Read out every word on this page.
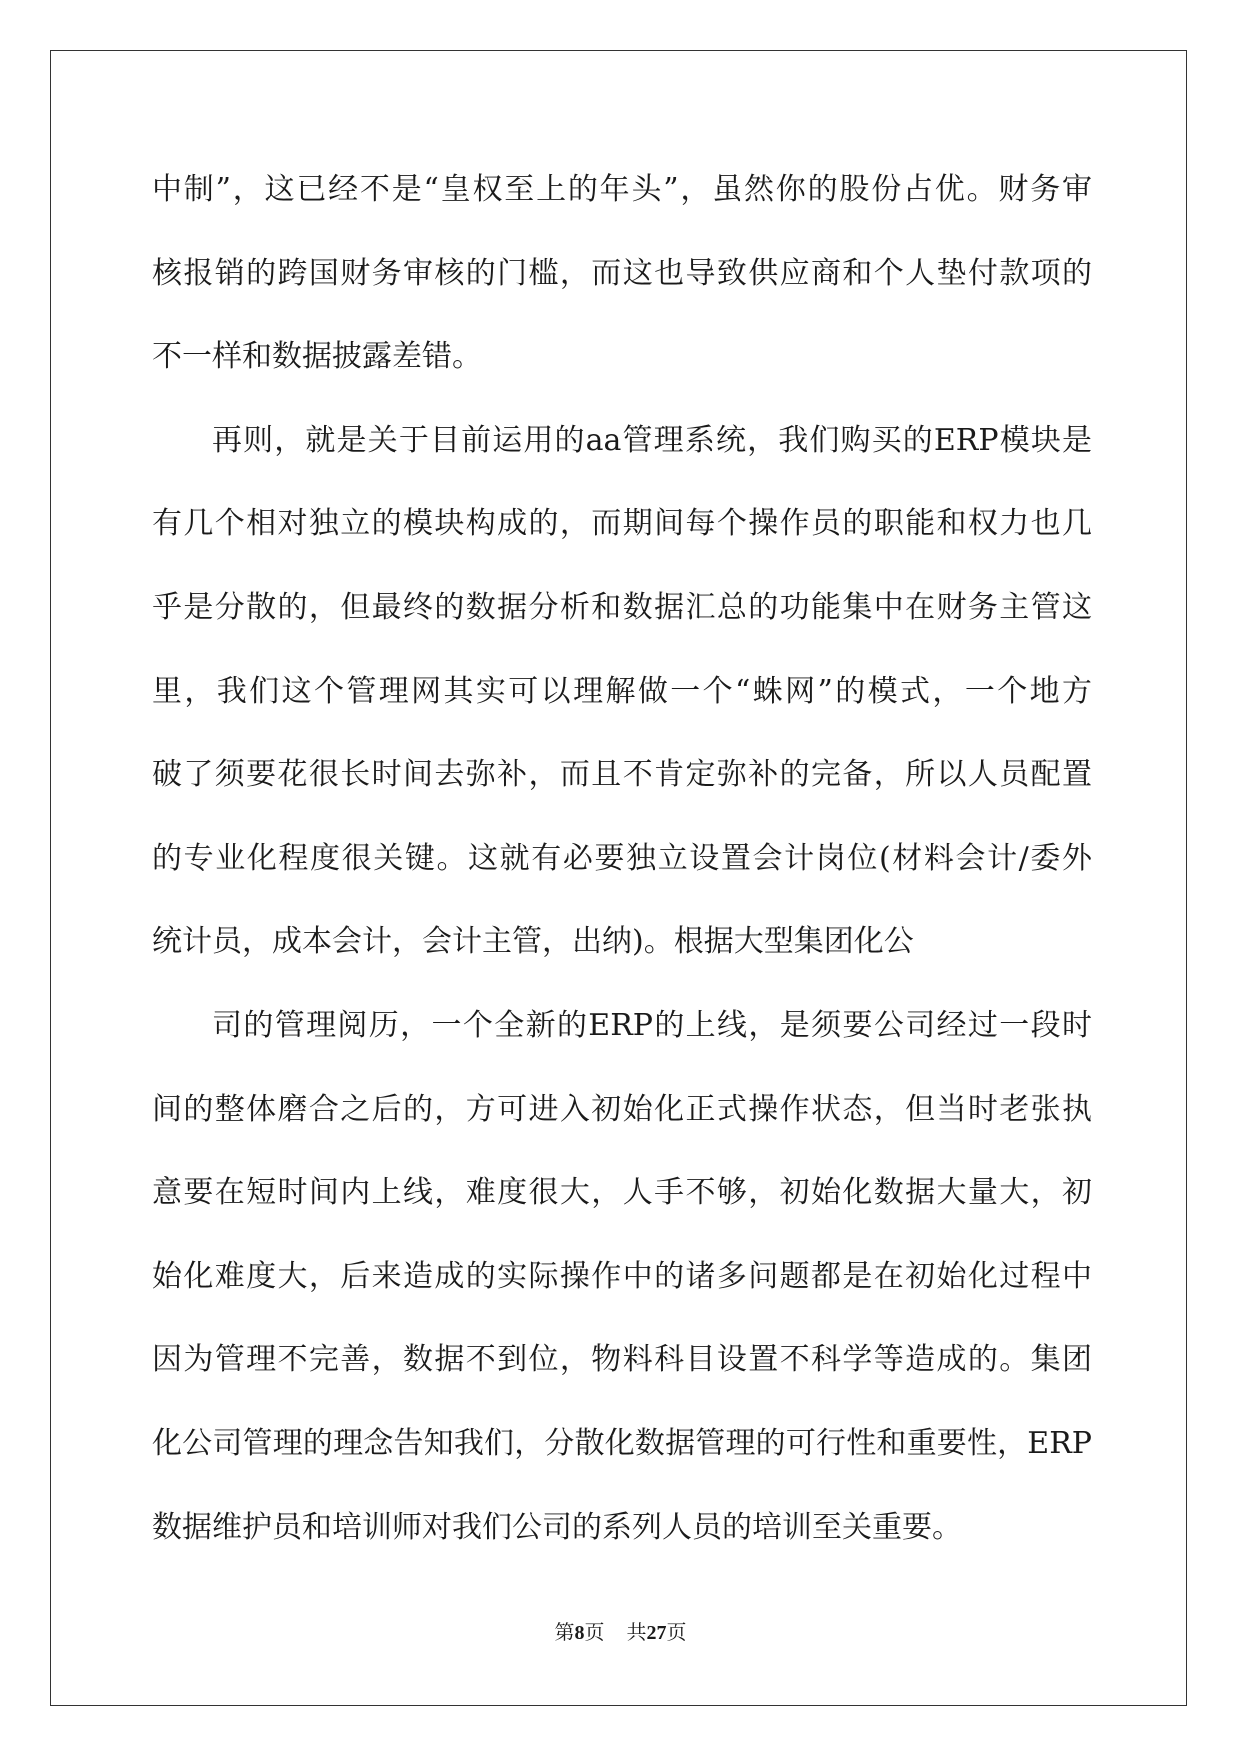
中制”，这已经不是“皇权至上的年头”，虽然你的股份占优。财务审
核报销的跨国财务审核的门槛，而这也导致供应商和个人垫付款项的
不一样和数据披露差错。
再则，就是关于目前运用的aa管理系统，我们购买的ERP模块是
有几个相对独立的模块构成的，而期间每个操作员的职能和权力也几
乎是分散的，但最终的数据分析和数据汇总的功能集中在财务主管这
里，我们这个管理网其实可以理解做一个“蛛网”的模式，一个地方
破了须要花很长时间去弥补，而且不肯定弥补的完备，所以人员配置
的专业化程度很关键。这就有必要独立设置会计岗位(材料会计/委外
统计员，成本会计，会计主管，出纳)。根据大型集团化公
司的管理阅历，一个全新的ERP的上线，是须要公司经过一段时
间的整体磨合之后的，方可进入初始化正式操作状态，但当时老张执
意要在短时间内上线，难度很大，人手不够，初始化数据大量大，初
始化难度大，后来造成的实际操作中的诸多问题都是在初始化过程中
因为管理不完善，数据不到位，物料科目设置不科学等造成的。集团
化公司管理的理念告知我们，分散化数据管理的可行性和重要性，ERP
数据维护员和培训师对我们公司的系列人员的培训至关重要。
第8页 共27页
